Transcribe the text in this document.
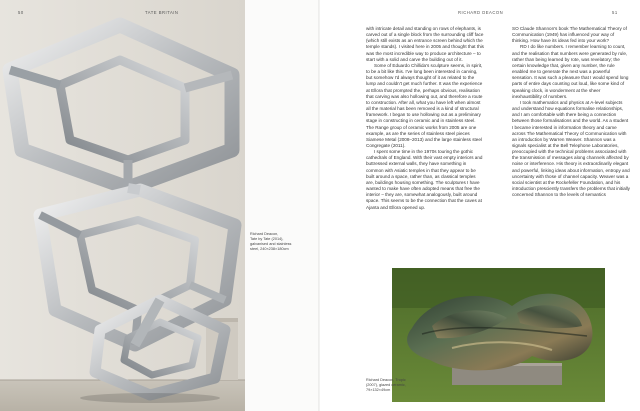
50	TATE BRITAIN
Richard Deacon,
Tate by Tate (2014),
galvanised and stainless
steel, 240×238×180cm
RICHARD DEACON	51

with intricate detail and standing on rows of elephants, is carved out of a single block from the surrounding cliff face (which still exists as an entrance screen behind which the temple stands). I visited here in 2005 and thought that this was the most incredible way to produce architecture – to start with a solid and carve the building out of it.

Some of Eduardo Chillida's sculpture seems, in spirit, to be a bit like this. I've long been interested in carving, but somehow I'd always thought of it as related to the lump and couldn't get much further. It was the experience at Ellora that prompted the, perhaps obvious, realisation that carving was also hollowing out, and therefore a route to construction. After all, what you have left when almost all the material has been removed is a kind of structural framework. I began to use hollowing out as a preliminary stage in constructing in ceramic and in stainless steel. The Range group of ceramic works from 2005 are one example, as are the series of stainless steel pieces Siamese Metal (2008–2013) and the large stainless steel Congregate (2011).

I spent some time in the 1970s touring the gothic cathedrals of England. With their vast empty interiors and buttressed external walls, they have something in common with Asiatic temples in that they appear to be built around a space, rather than, as classical temples are, buildings housing something. The sculptures I have wanted to make have often adopted means that free the interior – they are, somewhat analogously, built around space. This seems to be the connection that the caves at Ajanta and Ellora opened up.

SO Claude Shannon's book The Mathematical Theory of Communication (1949) has influenced your way of thinking. How have its ideas fed into your work?

RD I do like numbers. I remember learning to count, and the realisation that numbers were generated by rule, rather than being learned by rote, was revelatory; the certain knowledge that, given any number, the rule enabled me to generate the next was a powerful sensation. It was such a pleasure that I would spend long parts of entire days counting out loud, like some kind of speaking clock, in wonderment at the sheer inexhaustibility of numbers.

I took mathematics and physics at A-level subjects and understand how equations formalise relationships, and I am comfortable with there being a connection between those formalisations and the world. As a student I became interested in information theory and came across The Mathematical Theory of Communication with an introduction by Warren Weaver. Shannon was a signals specialist at the Bell Telephone Laboratories, preoccupied with the technical problems associated with the transmission of messages along channels affected by noise or interference. His theory is extraordinarily elegant and powerful, linking ideas about information, entropy and uncertainty with those of channel capacity. Weaver was a social scientist at the Rockefeller Foundation, and his introduction presciently transfers the problems that initially concerned Shannon to the levels of semantics

Richard Deacon, Tropic
(2007), glazed ceramic,
79×132×49cm
